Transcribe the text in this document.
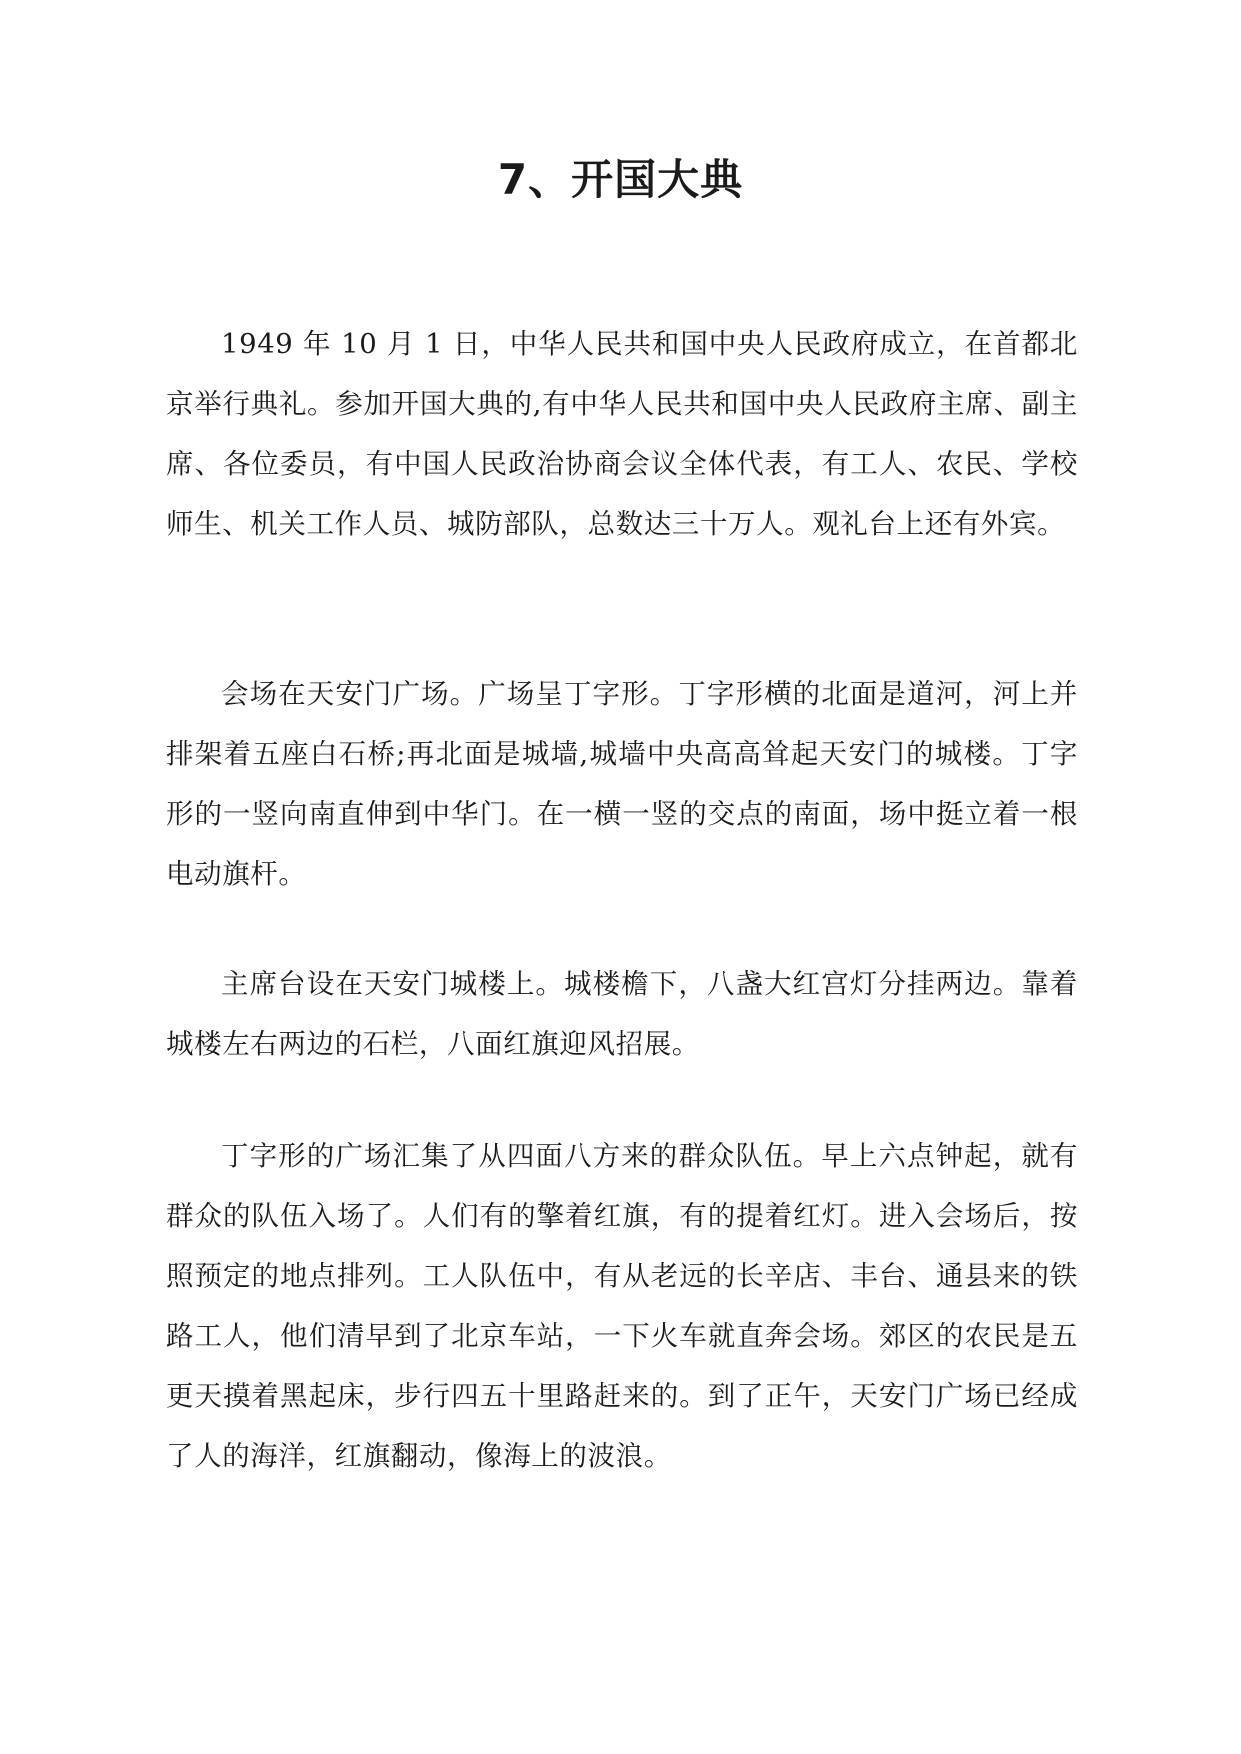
7、开国大典

1949 年 10 月 1 日，中华人民共和国中央人民政府成立，在首都北京举行典礼。参加开国大典的,有中华人民共和国中央人民政府主席、副主席、各位委员，有中国人民政治协商会议全体代表，有工人、农民、学校师生、机关工作人员、城防部队，总数达三十万人。观礼台上还有外宾。

会场在天安门广场。广场呈丁字形。丁字形横的北面是道河，河上并排架着五座白石桥;再北面是城墙,城墙中央高高耸起天安门的城楼。丁字形的一竖向南直伸到中华门。在一横一竖的交点的南面，场中挺立着一根电动旗杆。

主席台设在天安门城楼上。城楼檐下，八盏大红宫灯分挂两边。靠着城楼左右两边的石栏，八面红旗迎风招展。

丁字形的广场汇集了从四面八方来的群众队伍。早上六点钟起，就有群众的队伍入场了。人们有的擎着红旗，有的提着红灯。进入会场后，按照预定的地点排列。工人队伍中，有从老远的长辛店、丰台、通县来的铁路工人，他们清早到了北京车站，一下火车就直奔会场。郊区的农民是五更天摸着黑起床，步行四五十里路赶来的。到了正午，天安门广场已经成了人的海洋，红旗翻动，像海上的波浪。
